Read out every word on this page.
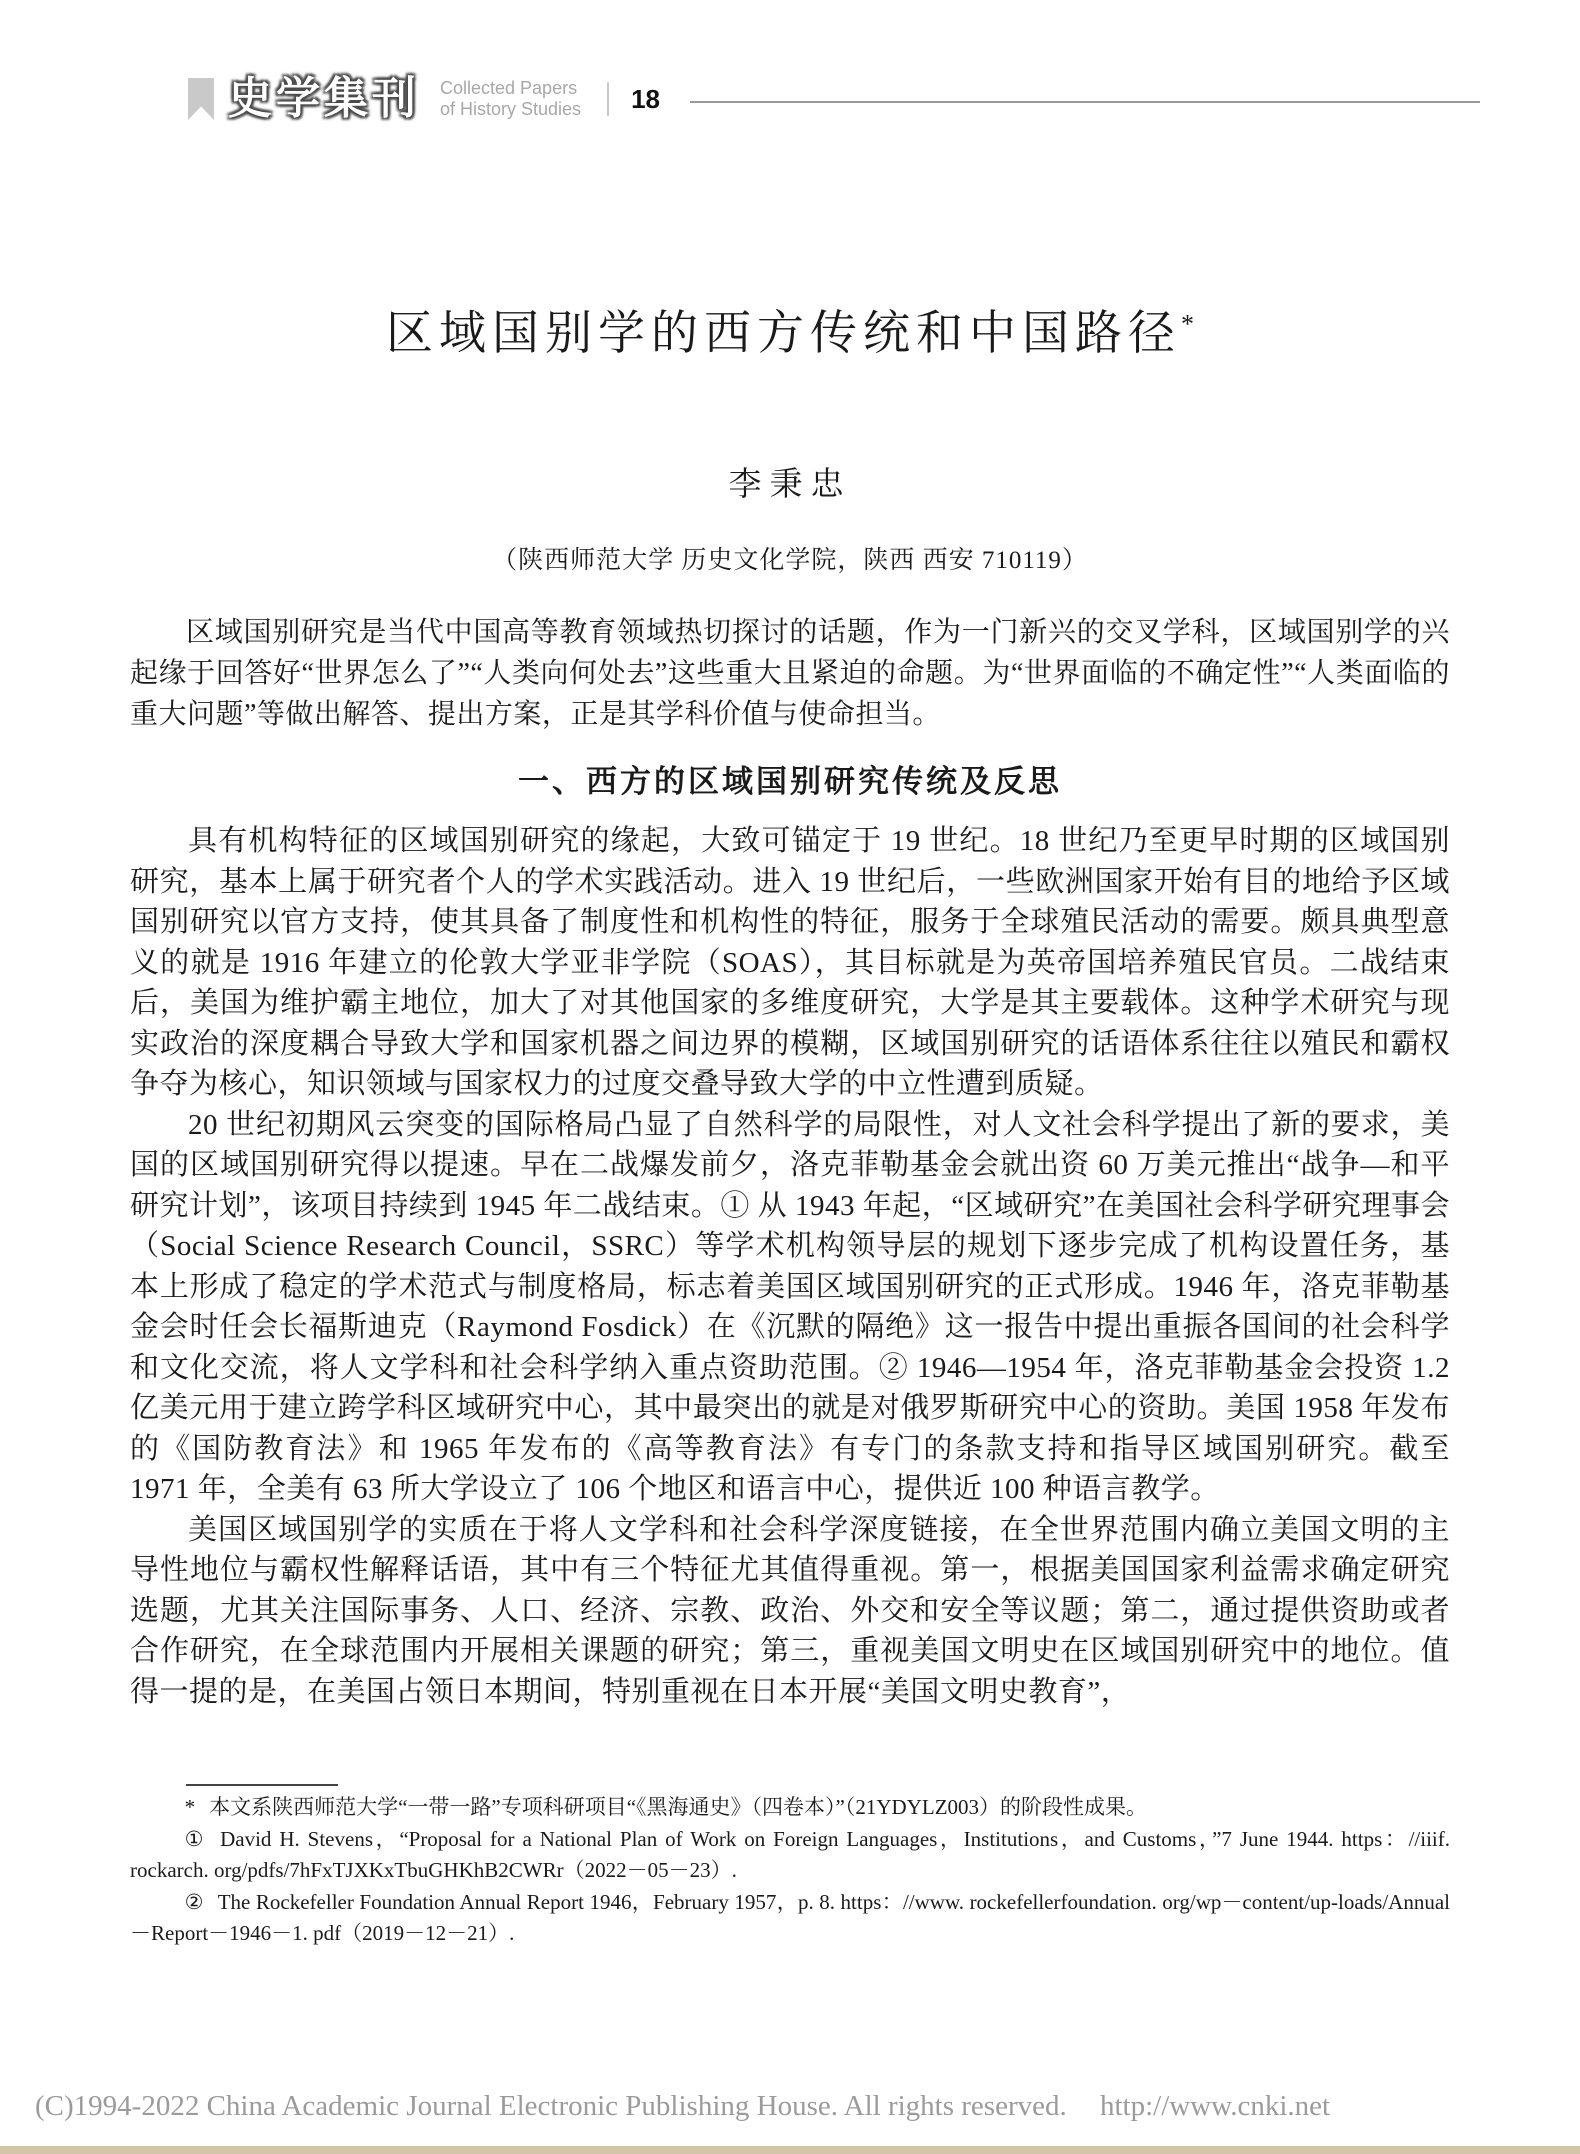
史学集刊 Collected Papers
of History Studies 18
区域国别学的西方传统和中国路径*
李秉忠
（陕西师范大学 历史文化学院，陕西 西安 710119）
区域国别研究是当代中国高等教育领域热切探讨的话题，作为一门新兴的交叉学科，区域国别学的兴起缘于回答好“世界怎么了”“人类向何处去”这些重大且紧迫的命题。为“世界面临的不确定性”“人类面临的重大问题”等做出解答、提出方案，正是其学科价值与使命担当。
一、西方的区域国别研究传统及反思

具有机构特征的区域国别研究的缘起，大致可锚定于 19 世纪。18 世纪乃至更早时期的区域国别研究，基本上属于研究者个人的学术实践活动。进入 19 世纪后，一些欧洲国家开始有目的地给予区域国别研究以官方支持，使其具备了制度性和机构性的特征，服务于全球殖民活动的需要。颇具典型意义的就是 1916 年建立的伦敦大学亚非学院（SOAS），其目标就是为英帝国培养殖民官员。二战结束后，美国为维护霸主地位，加大了对其他国家的多维度研究，大学是其主要载体。这种学术研究与现实政治的深度耦合导致大学和国家机器之间边界的模糊，区域国别研究的话语体系往往以殖民和霸权争夺为核心，知识领域与国家权力的过度交叠导致大学的中立性遭到质疑。

20 世纪初期风云突变的国际格局凸显了自然科学的局限性，对人文社会科学提出了新的要求，美国的区域国别研究得以提速。早在二战爆发前夕，洛克菲勒基金会就出资 60 万美元推出“战争—和平研究计划”，该项目持续到 1945 年二战结束。① 从 1943 年起，“区域研究”在美国社会科学研究理事会（Social Science Research Council，SSRC）等学术机构领导层的规划下逐步完成了机构设置任务，基本上形成了稳定的学术范式与制度格局，标志着美国区域国别研究的正式形成。1946 年，洛克菲勒基金会时任会长福斯迪克（Raymond Fosdick）在《沉默的隔绝》这一报告中提出重振各国间的社会科学和文化交流，将人文学科和社会科学纳入重点资助范围。② 1946—1954 年，洛克菲勒基金会投资 1.2 亿美元用于建立跨学科区域研究中心，其中最突出的就是对俄罗斯研究中心的资助。美国 1958 年发布的《国防教育法》和 1965 年发布的《高等教育法》有专门的条款支持和指导区域国别研究。截至 1971 年，全美有 63 所大学设立了 106 个地区和语言中心，提供近 100 种语言教学。

美国区域国别学的实质在于将人文学科和社会科学深度链接，在全世界范围内确立美国文明的主导性地位与霸权性解释话语，其中有三个特征尤其值得重视。第一，根据美国国家利益需求确定研究选题，尤其关注国际事务、人口、经济、宗教、政治、外交和安全等议题；第二，通过提供资助或者合作研究，在全球范围内开展相关课题的研究；第三，重视美国文明史在区域国别研究中的地位。值得一提的是，在美国占领日本期间，特别重视在日本开展“美国文明史教育”，

* 本文系陕西师范大学“一带一路”专项科研项目“《黑海通史》（四卷本）”（21YDYLZ003）的阶段性成果。

① David H. Stevens，“Proposal for a National Plan of Work on Foreign Languages，Institutions，and Customs，”7 June 1944. https：//iiif. rockarch. org/pdfs/7hFxTJXKxTbuGHKhB2CWRr（2022－05－23）.

② The Rockefeller Foundation Annual Report 1946，February 1957，p. 8. https：//www. rockefellerfoundation. org/wp－content/up-loads/Annual－Report－1946－1. pdf（2019－12－21）.

(C)1994-2022 China Academic Journal Electronic Publishing House. All rights reserved. http://www.cnki.net
